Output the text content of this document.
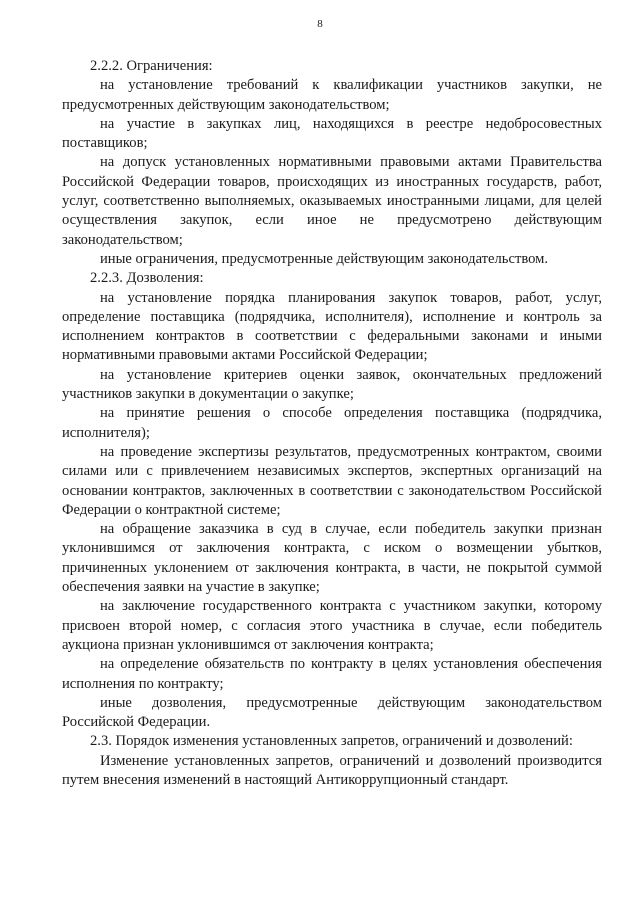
8

2.2.2. Ограничения:

на установление требований к квалификации участников закупки, не предусмотренных действующим законодательством;

на участие в закупках лиц, находящихся в реестре недобросовестных поставщиков;

на допуск установленных нормативными правовыми актами Правительства Российской Федерации товаров, происходящих из иностранных государств, работ, услуг, соответственно выполняемых, оказываемых иностранными лицами, для целей осуществления закупок, если иное не предусмотрено действующим законодательством;

иные ограничения, предусмотренные действующим законодательством.

2.2.3. Дозволения:

на установление порядка планирования закупок товаров, работ, услуг, определение поставщика (подрядчика, исполнителя), исполнение и контроль за исполнением контрактов в соответствии с федеральными законами и иными нормативными правовыми актами Российской Федерации;

на установление критериев оценки заявок, окончательных предложений участников закупки в документации о закупке;

на принятие решения о способе определения поставщика (подрядчика, исполнителя);

на проведение экспертизы результатов, предусмотренных контрактом, своими силами или с привлечением независимых экспертов, экспертных организаций на основании контрактов, заключенных в соответствии с законодательством Российской Федерации о контрактной системе;

на обращение заказчика в суд в случае, если победитель закупки признан уклонившимся от заключения контракта, с иском о возмещении убытков, причиненных уклонением от заключения контракта, в части, не покрытой суммой обеспечения заявки на участие в закупке;

на заключение государственного контракта с участником закупки, которому присвоен второй номер, с согласия этого участника в случае, если победитель аукциона признан уклонившимся от заключения контракта;

на определение обязательств по контракту в целях установления обеспечения исполнения по контракту;

иные дозволения, предусмотренные действующим законодательством Российской Федерации.

2.3. Порядок изменения установленных запретов, ограничений и дозволений:

Изменение установленных запретов, ограничений и дозволений производится путем внесения изменений в настоящий Антикоррупционный стандарт.
